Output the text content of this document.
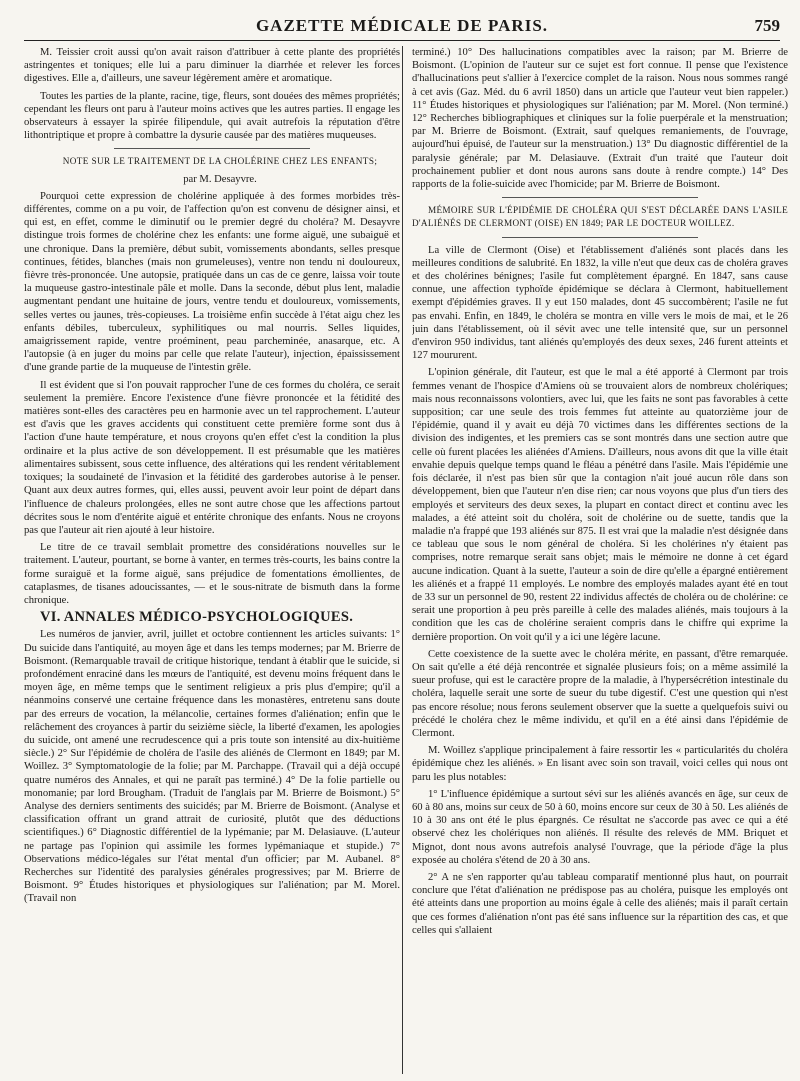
GAZETTE MÉDICALE DE PARIS.	759

M. Teissier croit aussi qu'on avait raison d'attribuer à cette plante des propriétés astringentes et toniques; elle lui a paru diminuer la diarrhée et relever les forces digestives. Elle a, d'ailleurs, une saveur légèrement amère et aromatique.

Toutes les parties de la plante, racine, tige, fleurs, sont douées des mêmes propriétés; cependant les fleurs ont paru à l'auteur moins actives que les autres parties. Il engage les observateurs à essayer la spirée filipendule, qui avait autrefois la réputation d'être lithontriptique et propre à combattre la dysurie causée par des matières muqueuses.

NOTE SUR LE TRAITEMENT DE LA CHOLÉRINE CHEZ LES ENFANTS;

par M. Desayvre.

Pourquoi cette expression de cholérine appliquée à des formes morbides très-différentes, comme on a pu voir, de l'affection qu'on est convenu de désigner ainsi, et qui est, en effet, comme le diminutif ou le premier degré du choléra? M. Desayvre distingue trois formes de cholérine chez les enfants: une forme aiguë, une subaiguë et une chronique. Dans la première, début subit, vomissements abondants, selles presque continues, fétides, blanches (mais non grumeleuses), ventre non tendu ni douloureux, fièvre très-prononcée. Une autopsie, pratiquée dans un cas de ce genre, laissa voir toute la muqueuse gastro-intestinale pâle et molle. Dans la seconde, début plus lent, maladie augmentant pendant une huitaine de jours, ventre tendu et douloureux, vomissements, selles vertes ou jaunes, très-copieuses. La troisième enfin succède à l'état aigu chez les enfants débiles, tuberculeux, syphilitiques ou mal nourris. Selles liquides, amaigrissement rapide, ventre proéminent, peau parcheminée, anasarque, etc. A l'autopsie (à en juger du moins par celle que relate l'auteur), injection, épaississement d'une grande partie de la muqueuse de l'intestin grêle.

Il est évident que si l'on pouvait rapprocher l'une de ces formes du choléra, ce serait seulement la première. Encore l'existence d'une fièvre prononcée et la fétidité des matières sont-elles des caractères peu en harmonie avec un tel rapprochement. L'auteur est d'avis que les graves accidents qui constituent cette première forme sont dus à l'action d'une haute température, et nous croyons qu'en effet c'est la condition la plus ordinaire et la plus active de son développement. Il est présumable que les matières alimentaires subissent, sous cette influence, des altérations qui les rendent véritablement toxiques; la soudaineté de l'invasion et la fétidité des garderobes autorise à le penser. Quant aux deux autres formes, qui, elles aussi, peuvent avoir leur point de départ dans l'influence de chaleurs prolongées, elles ne sont autre chose que les affections partout décrites sous le nom d'entérite aiguë et entérite chronique des enfants. Nous ne croyons pas que l'auteur ait rien ajouté à leur histoire.

Le titre de ce travail semblait promettre des considérations nouvelles sur le traitement. L'auteur, pourtant, se borne à vanter, en termes très-courts, les bains contre la forme suraiguë et la forme aiguë, sans préjudice de fomentations émollientes, de cataplasmes, de tisanes adoucissantes, — et le sous-nitrate de bismuth dans la forme chronique.

VI. ANNALES MÉDICO-PSYCHOLOGIQUES.

Les numéros de janvier, avril, juillet et octobre contiennent les articles suivants: 1° Du suicide dans l'antiquité, au moyen âge et dans les temps modernes; par M. Brierre de Boismont. (Remarquable travail de critique historique, tendant à établir que le suicide, si profondément enraciné dans les mœurs de l'antiquité, est devenu moins fréquent dans le moyen âge, en même temps que le sentiment religieux a pris plus d'empire; qu'il a néanmoins conservé une certaine fréquence dans les monastères, entretenu sans doute par des erreurs de vocation, la mélancolie, certaines formes d'aliénation; enfin que le relâchement des croyances à partir du seizième siècle, la liberté d'examen, les apologies du suicide, ont amené une recrudescence qui a pris toute son intensité au dix-huitième siècle.) 2° Sur l'épidémie de choléra de l'asile des aliénés de Clermont en 1849; par M. Woillez. 3° Symptomatologie de la folie; par M. Parchappe. (Travail qui a déjà occupé quatre numéros des Annales, et qui ne paraît pas terminé.) 4° De la folie partielle ou monomanie; par lord Brougham. (Traduit de l'anglais par M. Brierre de Boismont.) 5° Analyse des derniers sentiments des suicidés; par M. Brierre de Boismont. (Analyse et classification offrant un grand attrait de curiosité, plutôt que des déductions scientifiques.) 6° Diagnostic différentiel de la lypémanie; par M. Delasiauve. (L'auteur ne partage pas l'opinion qui assimile les formes lypémaniaque et stupide.) 7° Observations médico-légales sur l'état mental d'un officier; par M. Aubanel. 8° Recherches sur l'identité des paralysies générales progressives; par M. Brierre de Boismont. 9° Études historiques et physiologiques sur l'aliénation; par M. Morel. (Travail non

terminé.) 10° Des hallucinations compatibles avec la raison; par M. Brierre de Boismont. (L'opinion de l'auteur sur ce sujet est fort connue. Il pense que l'existence d'hallucinations peut s'allier à l'exercice complet de la raison. Nous nous sommes rangé à cet avis (Gaz. Méd. du 6 avril 1850) dans un article que l'auteur veut bien rappeler.) 11° Études historiques et physiologiques sur l'aliénation; par M. Morel. (Non terminé.) 12° Recherches bibliographiques et cliniques sur la folie puerpérale et la menstruation; par M. Brierre de Boismont. (Extrait, sauf quelques remaniements, de l'ouvrage, aujourd'hui épuisé, de l'auteur sur la menstruation.) 13° Du diagnostic différentiel de la paralysie générale; par M. Delasiauve. (Extrait d'un traité que l'auteur doit prochainement publier et dont nous aurons sans doute à rendre compte.) 14° Des rapports de la folie-suicide avec l'homicide; par M. Brierre de Boismont.

MÉMOIRE SUR L'ÉPIDÉMIE DE CHOLÉRA QUI S'EST DÉCLARÉE DANS L'ASILE D'ALIÉNÉS DE CLERMONT (OISE) EN 1849; PAR LE DOCTEUR WOILLEZ.

La ville de Clermont (Oise) et l'établissement d'aliénés sont placés dans les meilleures conditions de salubrité. En 1832, la ville n'eut que deux cas de choléra graves et des cholérines bénignes; l'asile fut complètement épargné. En 1847, sans cause connue, une affection typhoïde épidémique se déclara à Clermont, habituellement exempt d'épidémies graves. Il y eut 150 malades, dont 45 succombèrent; l'asile ne fut pas envahi. Enfin, en 1849, le choléra se montra en ville vers le mois de mai, et le 26 juin dans l'établissement, où il sévit avec une telle intensité que, sur un personnel d'environ 950 individus, tant aliénés qu'employés des deux sexes, 246 furent atteints et 127 moururent.

L'opinion générale, dit l'auteur, est que le mal a été apporté à Clermont par trois femmes venant de l'hospice d'Amiens où se trouvaient alors de nombreux cholériques; mais nous reconnaissons volontiers, avec lui, que les faits ne sont pas favorables à cette supposition; car une seule des trois femmes fut atteinte au quatorzième jour de l'épidémie, quand il y avait eu déjà 70 victimes dans les différentes sections de la division des indigentes, et les premiers cas se sont montrés dans une section autre que celle où furent placées les aliénées d'Amiens. D'ailleurs, nous avons dit que la ville était envahie depuis quelque temps quand le fléau a pénétré dans l'asile. Mais l'épidémie une fois déclarée, il n'est pas bien sûr que la contagion n'ait joué aucun rôle dans son développement, bien que l'auteur n'en dise rien; car nous voyons que plus d'un tiers des employés et serviteurs des deux sexes, la plupart en contact direct et continu avec les malades, a été atteint soit du choléra, soit de cholérine ou de suette, tandis que la maladie n'a frappé que 193 aliénés sur 875. Il est vrai que la maladie n'est désignée dans ce tableau que sous le nom général de choléra. Si les cholérines n'y étaient pas comprises, notre remarque serait sans objet; mais le mémoire ne donne à cet égard aucune indication. Quant à la suette, l'auteur a soin de dire qu'elle a épargné entièrement les aliénés et a frappé 11 employés. Le nombre des employés malades ayant été en tout de 33 sur un personnel de 90, restent 22 individus affectés de choléra ou de cholérine: ce serait une proportion à peu près pareille à celle des malades aliénés, mais toujours à la condition que les cas de cholérine seraient compris dans le chiffre qui exprime la dernière proportion. On voit qu'il y a ici une légère lacune.

Cette coexistence de la suette avec le choléra mérite, en passant, d'être remarquée. On sait qu'elle a été déjà rencontrée et signalée plusieurs fois; on a même assimilé la sueur profuse, qui est le caractère propre de la maladie, à l'hypersécrétion intestinale du choléra, laquelle serait une sorte de sueur du tube digestif. C'est une question qui n'est pas encore résolue; nous ferons seulement observer que la suette a quelquefois suivi ou précédé le choléra chez le même individu, et qu'il en a été ainsi dans l'épidémie de Clermont.

M. Woillez s'applique principalement à faire ressortir les « particularités du choléra épidémique chez les aliénés. » En lisant avec soin son travail, voici celles qui nous ont paru les plus notables:

1° L'influence épidémique a surtout sévi sur les aliénés avancés en âge, sur ceux de 60 à 80 ans, moins sur ceux de 50 à 60, moins encore sur ceux de 30 à 50. Les aliénés de 10 à 30 ans ont été le plus épargnés. Ce résultat ne s'accorde pas avec ce qui a été observé chez les cholériques non aliénés. Il résulte des relevés de MM. Briquet et Mignot, dont nous avons autrefois analysé l'ouvrage, que la période d'âge la plus exposée au choléra s'étend de 20 à 30 ans.

2° A ne s'en rapporter qu'au tableau comparatif mentionné plus haut, on pourrait conclure que l'état d'aliénation ne prédispose pas au choléra, puisque les employés ont été atteints dans une proportion au moins égale à celle des aliénés; mais il paraît certain que ces formes d'aliénation n'ont pas été sans influence sur la répartition des cas, et que celles qui s'allaient
